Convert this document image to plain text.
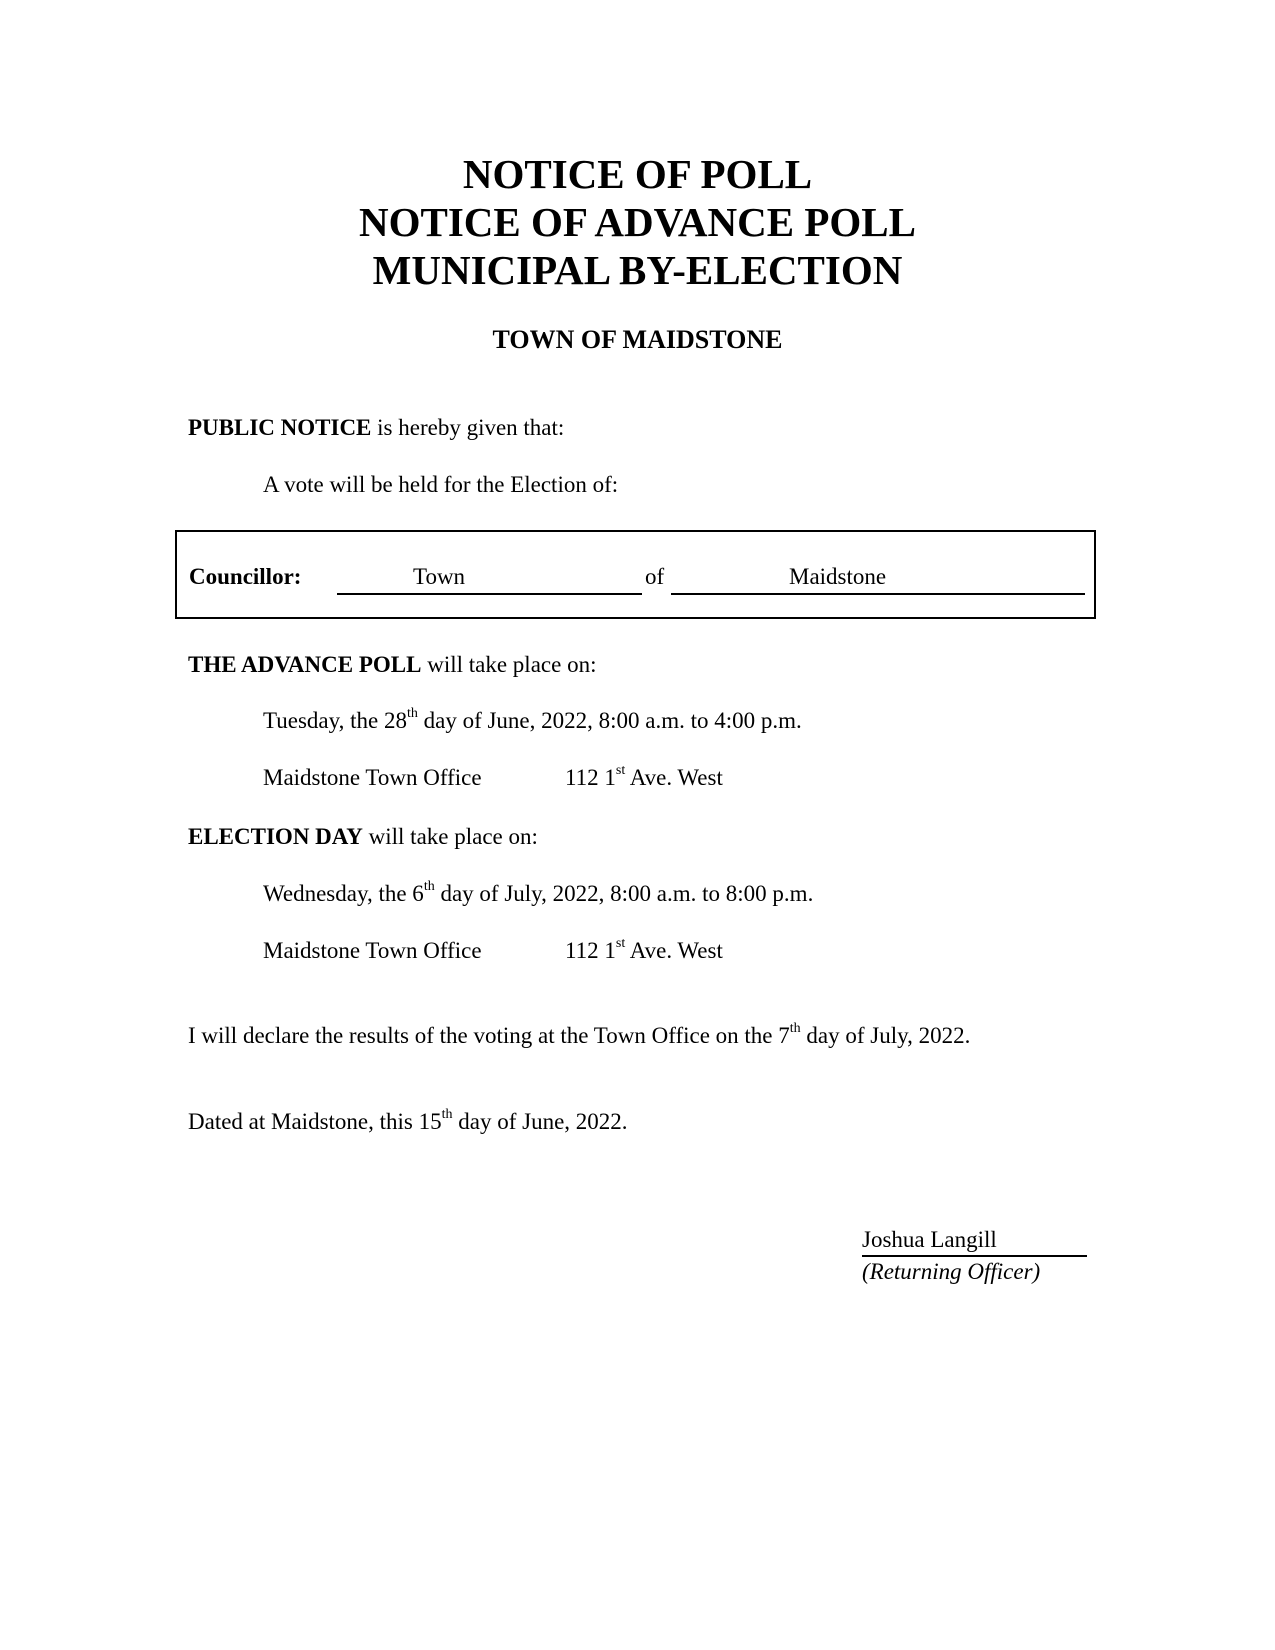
NOTICE OF POLL
NOTICE OF ADVANCE POLL
MUNICIPAL BY-ELECTION
TOWN OF MAIDSTONE

PUBLIC NOTICE is hereby given that:

A vote will be held for the Election of:

Councillor:	Town	of	Maidstone

THE ADVANCE POLL will take place on:

Tuesday, the 28th day of June, 2022, 8:00 a.m. to 4:00 p.m.

Maidstone Town Office	112 1st Ave. West

ELECTION DAY will take place on:

Wednesday, the 6th day of July, 2022, 8:00 a.m. to 8:00 p.m.

Maidstone Town Office	112 1st Ave. West

I will declare the results of the voting at the Town Office on the 7th day of July, 2022.

Dated at Maidstone, this 15th day of June, 2022.

Joshua Langill
(Returning Officer)
